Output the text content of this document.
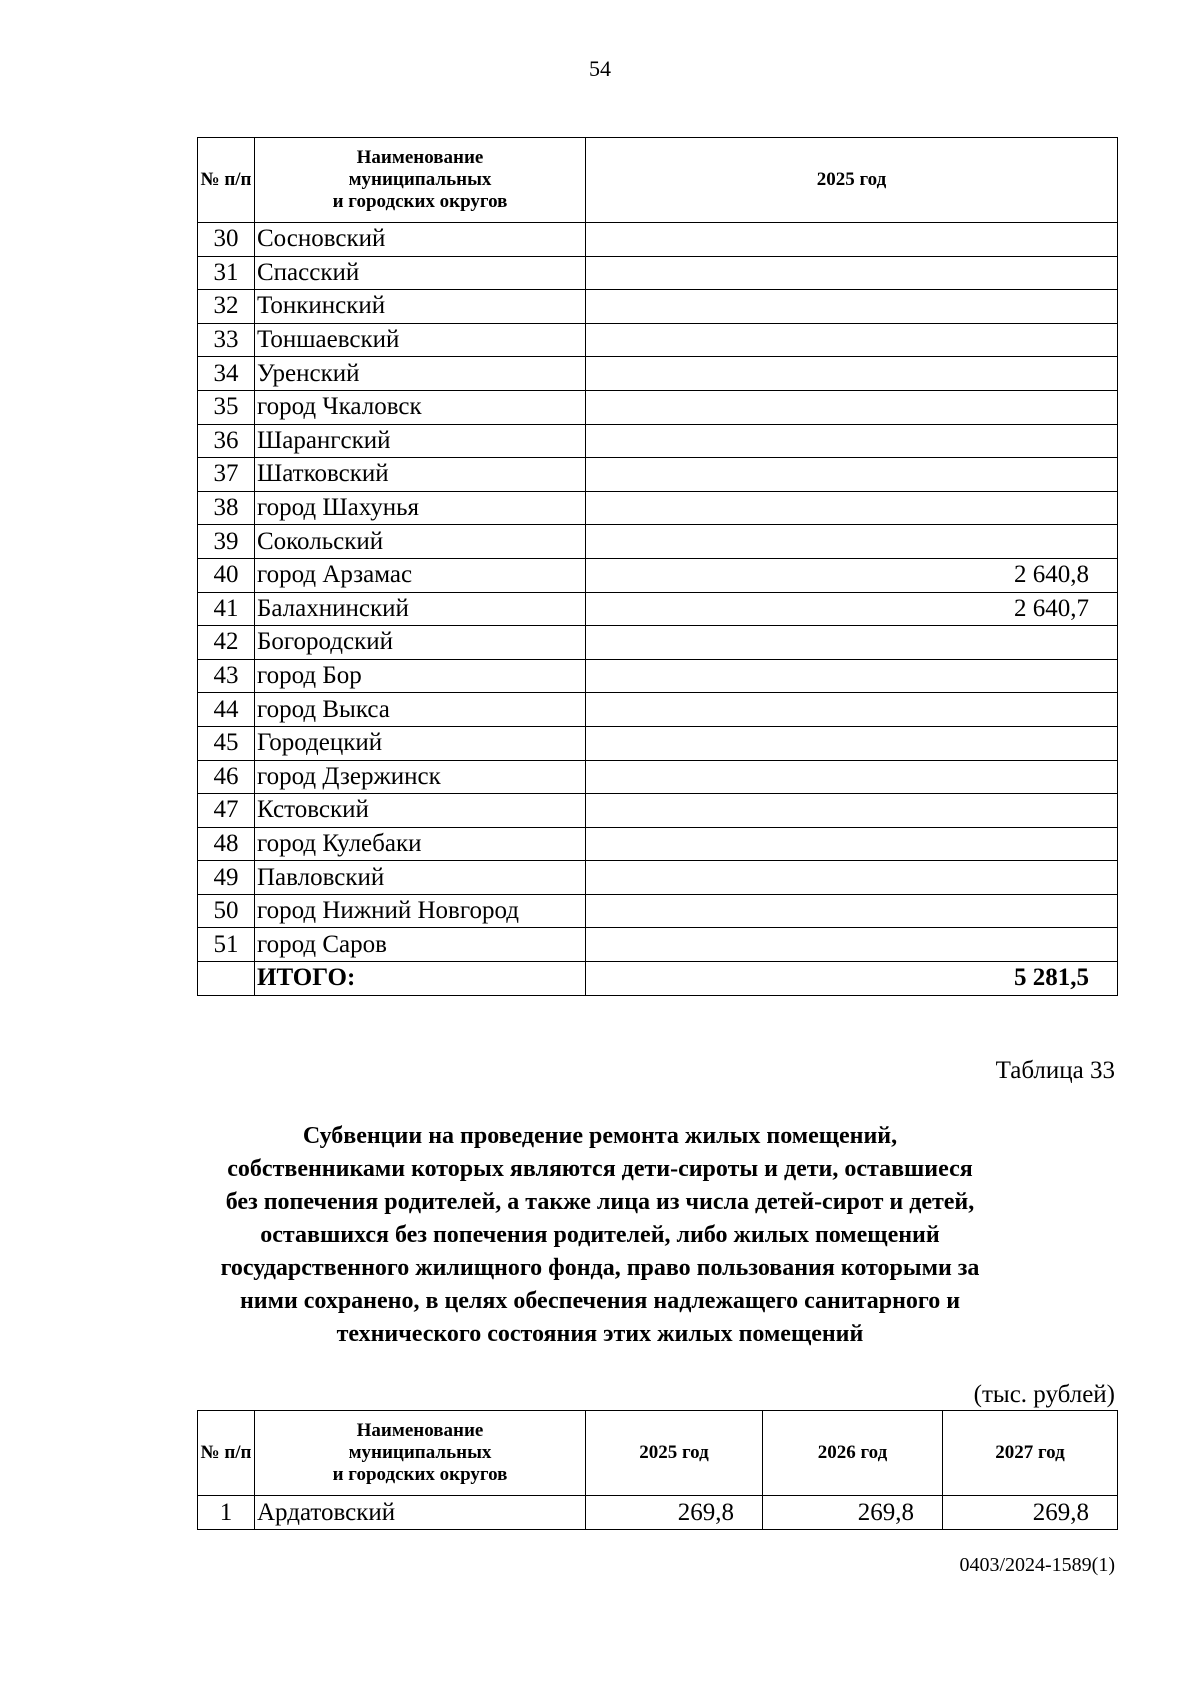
54
№ п/п	Наименование
муниципальных
и городских округов	2025 год
30	Сосновский	
31	Спасский	
32	Тонкинский	
33	Тоншаевский	
34	Уренский	
35	город Чкаловск	
36	Шарангский	
37	Шатковский	
38	город Шахунья	
39	Сокольский	
40	город Арзамас	2 640,8
41	Балахнинский	2 640,7
42	Богородский	
43	город Бор	
44	город Выкса	
45	Городецкий	
46	город Дзержинск	
47	Кстовский	
48	город Кулебаки	
49	Павловский	
50	город Нижний Новгород	
51	город Саров	
	ИТОГО:	5 281,5
Таблица 33
Субвенции на проведение ремонта жилых помещений,
собственниками которых являются дети-сироты и дети, оставшиеся
без попечения родителей, а также лица из числа детей-сирот и детей,
оставшихся без попечения родителей, либо жилых помещений
государственного жилищного фонда, право пользования которыми за
ними сохранено, в целях обеспечения надлежащего санитарного и
технического состояния этих жилых помещений
(тыс. рублей)
№ п/п	Наименование
муниципальных
и городских округов	2025 год	2026 год	2027 год
1	Ардатовский	269,8	269,8	269,8
0403/2024-1589(1)
